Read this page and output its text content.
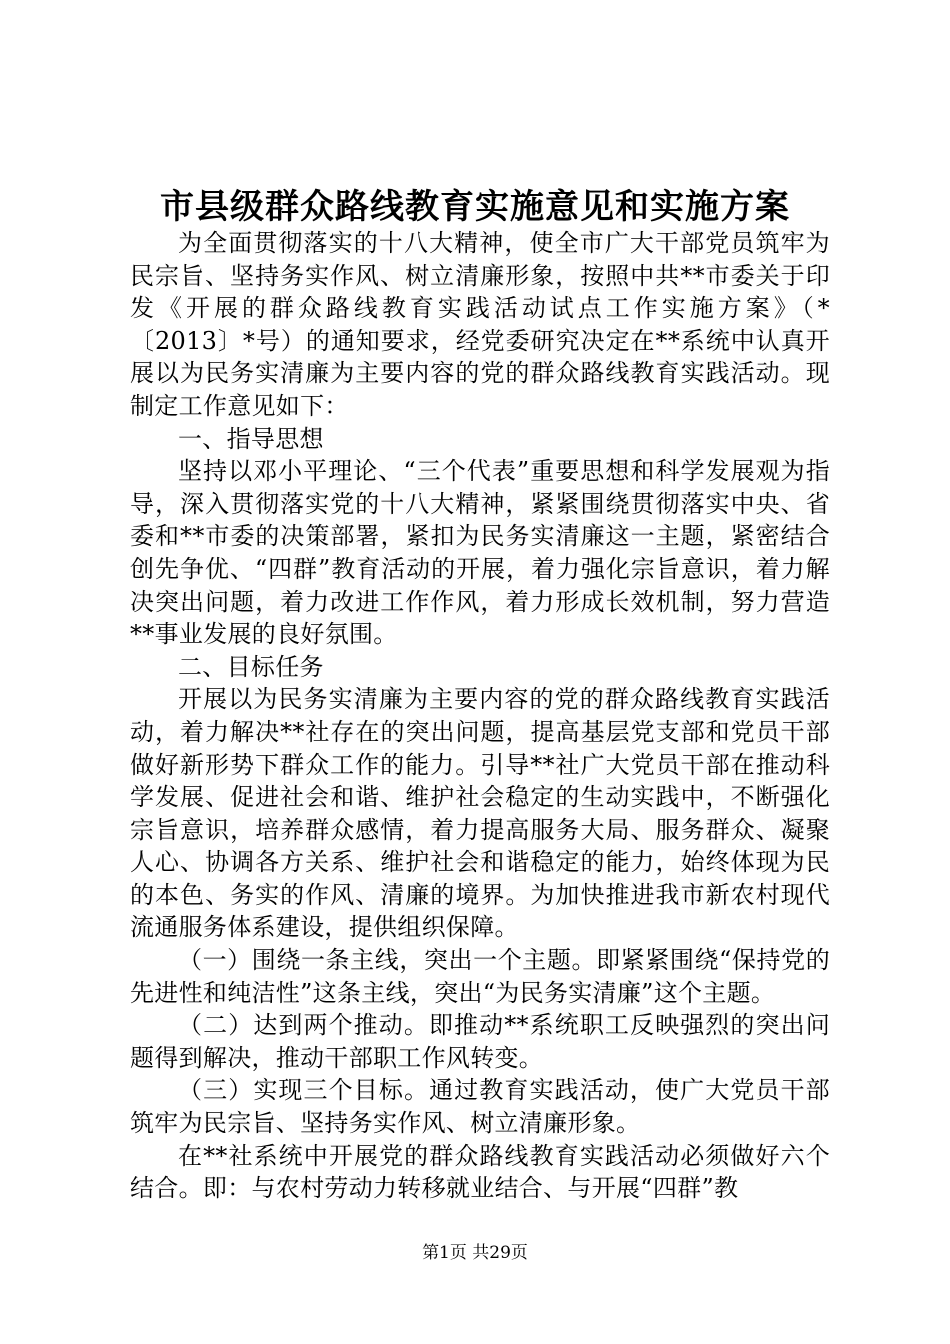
市县级群众路线教育实施意见和实施方案

为全面贯彻落实的十八大精神，使全市广大干部党员筑牢为民宗旨、坚持务实作风、树立清廉形象，按照中共**市委关于印发《开展的群众路线教育实践活动试点工作实施方案》（*〔2013〕*号）的通知要求，经党委研究决定在**系统中认真开展以为民务实清廉为主要内容的党的群众路线教育实践活动。现制定工作意见如下：

一、指导思想

坚持以邓小平理论、“三个代表”重要思想和科学发展观为指导，深入贯彻落实党的十八大精神，紧紧围绕贯彻落实中央、省委和**市委的决策部署，紧扣为民务实清廉这一主题，紧密结合创先争优、“四群”教育活动的开展，着力强化宗旨意识，着力解决突出问题，着力改进工作作风，着力形成长效机制，努力营造**事业发展的良好氛围。

二、目标任务

开展以为民务实清廉为主要内容的党的群众路线教育实践活动，着力解决**社存在的突出问题，提高基层党支部和党员干部做好新形势下群众工作的能力。引导**社广大党员干部在推动科学发展、促进社会和谐、维护社会稳定的生动实践中，不断强化宗旨意识，培养群众感情，着力提高服务大局、服务群众、凝聚人心、协调各方关系、维护社会和谐稳定的能力，始终体现为民的本色、务实的作风、清廉的境界。为加快推进我市新农村现代流通服务体系建设，提供组织保障。

（一）围绕一条主线，突出一个主题。即紧紧围绕“保持党的先进性和纯洁性”这条主线，突出“为民务实清廉”这个主题。

（二）达到两个推动。即推动**系统职工反映强烈的突出问题得到解决，推动干部职工作风转变。

（三）实现三个目标。通过教育实践活动，使广大党员干部筑牢为民宗旨、坚持务实作风、树立清廉形象。

在**社系统中开展党的群众路线教育实践活动必须做好六个结合。即：与农村劳动力转移就业结合、与开展“四群”教

第1页 共29页
